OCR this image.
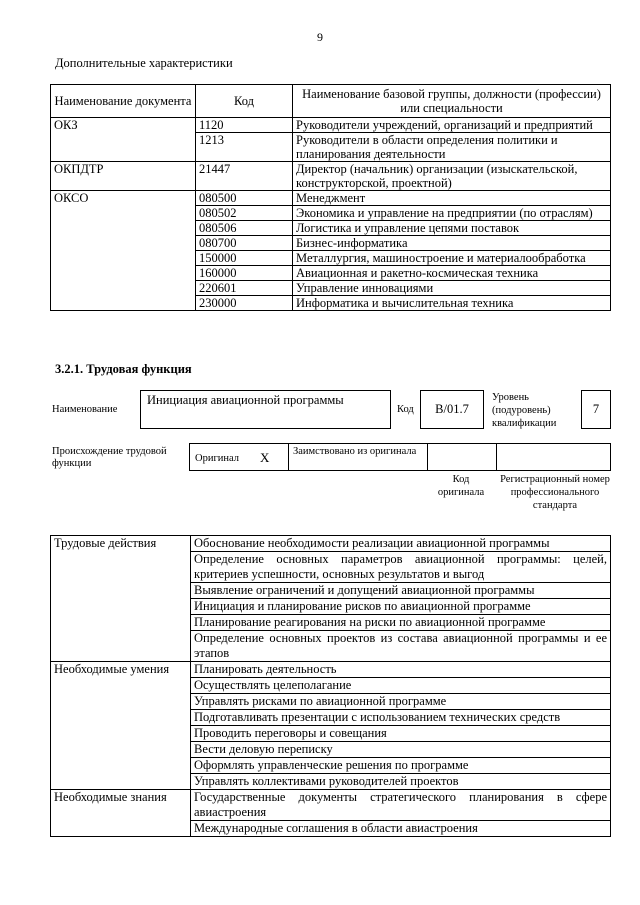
9
Дополнительные характеристики
Наименование документа	Код	Наименование базовой группы, должности (профессии) или специальности
ОКЗ	1120	Руководители учреждений, организаций и предприятий
	1213	Руководители в области определения политики и планирования деятельности
ОКПДТР	21447	Директор (начальник) организации (изыскательской, конструкторской, проектной)
ОКСО	080500	Менеджмент
	080502	Экономика и управление на предприятии (по отраслям)
	080506	Логистика и управление цепями поставок
	080700	Бизнес-информатика
	150000	Металлургия, машиностроение и материалообработка
	160000	Авиационная и ракетно-космическая техника
	220601	Управление инновациями
	230000	Информатика и вычислительная техника
3.2.1. Трудовая функция
Наименование
Инициация авиационной программы
Код	B/01.7
Уровень (подуровень) квалификации
7
Происхождение трудовой функции	Оригинал X Заимствовано из оригинала
Код оригинала
Регистрационный номер профессионального стандарта
Трудовые действия	Обоснование необходимости реализации авиационной программы
	Определение основных параметров авиационной программы: целей, критериев успешности, основных результатов и выгод
	Выявление ограничений и допущений авиационной программы
	Инициация и планирование рисков по авиационной программе
	Планирование реагирования на риски по авиационной программе
	Определение основных проектов из состава авиационной программы и ее этапов
Необходимые умения	Планировать деятельность
	Осуществлять целеполагание
	Управлять рисками по авиационной программе
	Подготавливать презентации с использованием технических средств
	Проводить переговоры и совещания
	Вести деловую переписку
	Оформлять управленческие решения по программе
	Управлять коллективами руководителей проектов
Необходимые знания	Государственные документы стратегического планирования в сфере авиастроения
	Международные соглашения в области авиастроения
